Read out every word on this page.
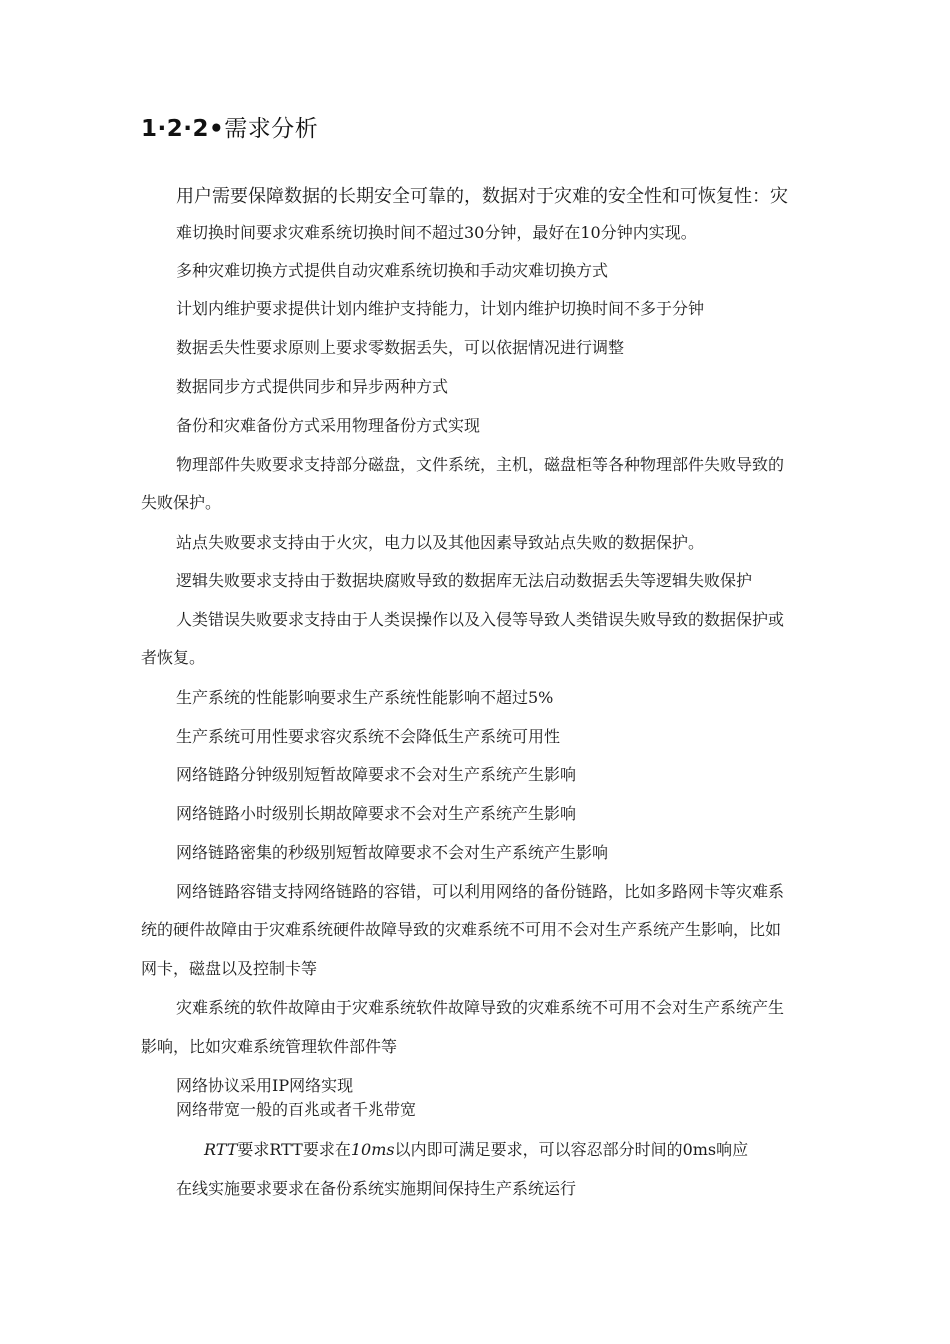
1·2·2•需求分析

用户需要保障数据的长期安全可靠的，数据对于灾难的安全性和可恢复性：灾

难切换时间要求灾难系统切换时间不超过30分钟，最好在10分钟内实现。

多种灾难切换方式提供自动灾难系统切换和手动灾难切换方式

计划内维护要求提供计划内维护支持能力，计划内维护切换时间不多于分钟

数据丢失性要求原则上要求零数据丢失，可以依据情况进行调整

数据同步方式提供同步和异步两种方式

备份和灾难备份方式采用物理备份方式实现

物理部件失败要求支持部分磁盘，文件系统，主机，磁盘柜等各种物理部件失败导致的

失败保护。

站点失败要求支持由于火灾，电力以及其他因素导致站点失败的数据保护。

逻辑失败要求支持由于数据块腐败导致的数据库无法启动数据丢失等逻辑失败保护

人类错误失败要求支持由于人类误操作以及入侵等导致人类错误失败导致的数据保护或

者恢复。

生产系统的性能影响要求生产系统性能影响不超过5%

生产系统可用性要求容灾系统不会降低生产系统可用性

网络链路分钟级别短暂故障要求不会对生产系统产生影响

网络链路小时级别长期故障要求不会对生产系统产生影响

网络链路密集的秒级别短暂故障要求不会对生产系统产生影响

网络链路容错支持网络链路的容错，可以利用网络的备份链路，比如多路网卡等灾难系

统的硬件故障由于灾难系统硬件故障导致的灾难系统不可用不会对生产系统产生影响，比如

网卡，磁盘以及控制卡等

灾难系统的软件故障由于灾难系统软件故障导致的灾难系统不可用不会对生产系统产生

影响，比如灾难系统管理软件部件等

网络协议采用IP网络实现

网络带宽一般的百兆或者千兆带宽

RTT要求RTT要求在10ms以内即可满足要求，可以容忍部分时间的0ms响应

在线实施要求要求在备份系统实施期间保持生产系统运行
